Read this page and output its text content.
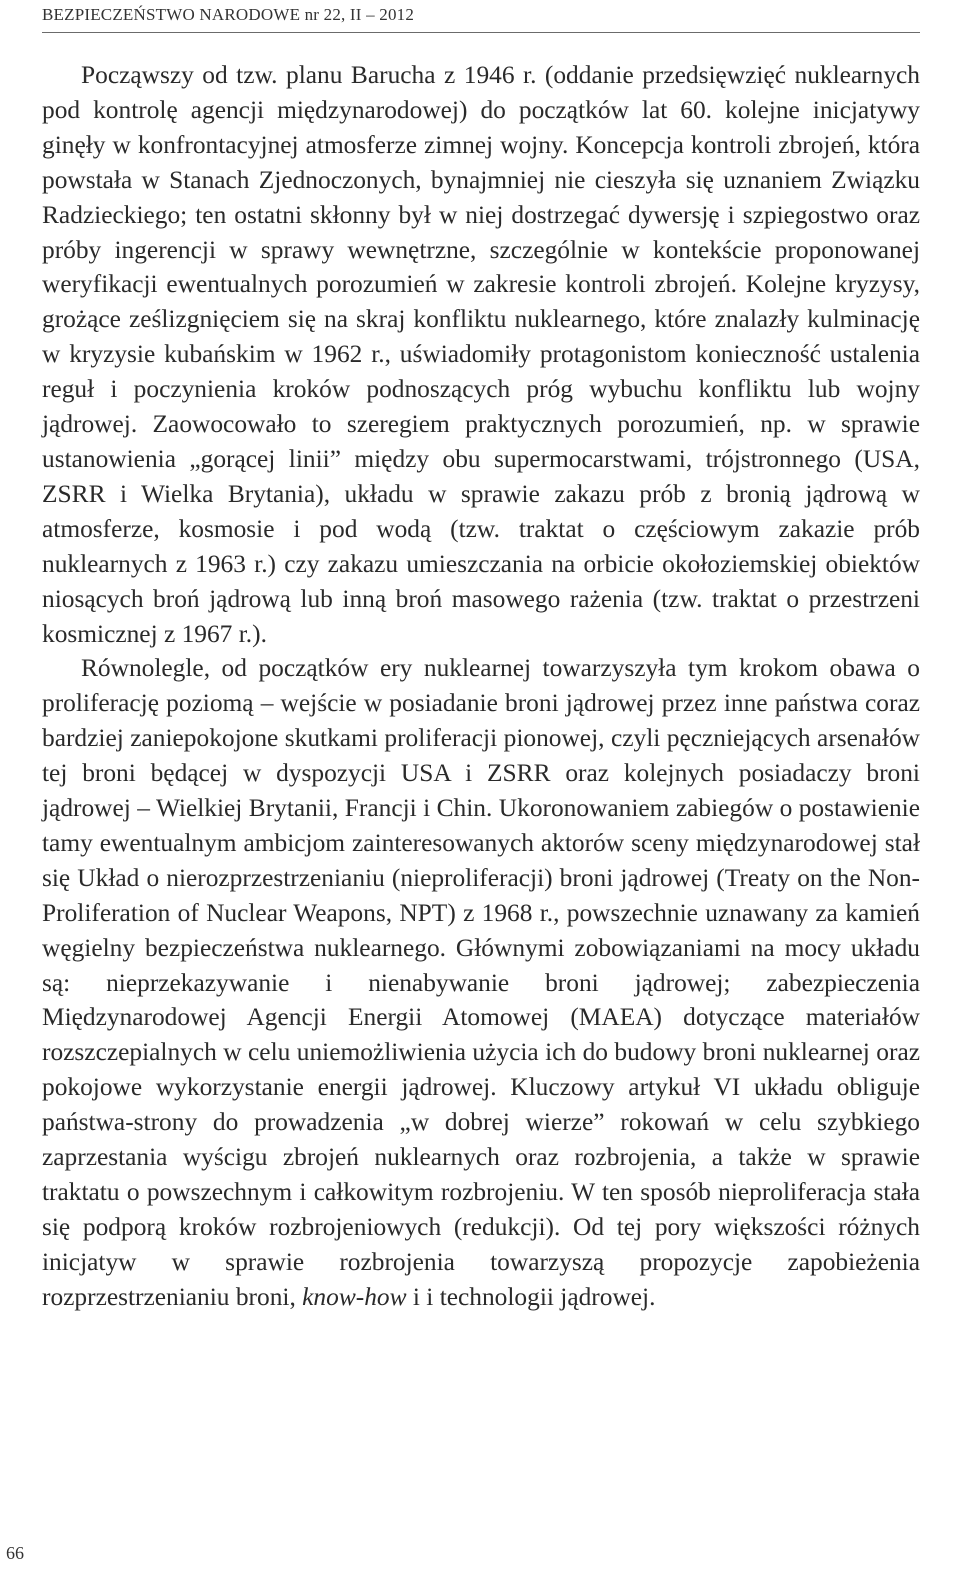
BEZPIECZEŃSTWO NARODOWE nr 22, II – 2012

Począwszy od tzw. planu Barucha z 1946 r. (oddanie przedsięwzięć nuklearnych pod kontrolę agencji międzynarodowej) do początków lat 60. kolejne inicjatywy ginęły w konfrontacyjnej atmosferze zimnej wojny. Koncepcja kontroli zbrojeń, która powstała w Stanach Zjednoczonych, bynajmniej nie cieszyła się uznaniem Związku Radzieckiego; ten ostatni skłonny był w niej dostrzegać dywersję i szpiegostwo oraz próby ingerencji w sprawy wewnętrzne, szczególnie w kontekście proponowanej weryfikacji ewentualnych porozumień w zakresie kontroli zbrojeń. Kolejne kryzysy, grożące ześlizgnięciem się na skraj konfliktu nuklearnego, które znalazły kulminację w kryzysie kubańskim w 1962 r., uświadomiły protagonistom konieczność ustalenia reguł i poczynienia kroków podnoszących próg wybuchu konfliktu lub wojny jądrowej. Zaowocowało to szeregiem praktycznych porozumień, np. w sprawie ustanowienia „gorącej linii” między obu supermocarstwami, trójstronnego (USA, ZSRR i Wielka Brytania), układu w sprawie zakazu prób z bronią jądrową w atmosferze, kosmosie i pod wodą (tzw. traktat o częściowym zakazie prób nuklearnych z 1963 r.) czy zakazu umieszczania na orbicie okołoziemskiej obiektów niosących broń jądrową lub inną broń masowego rażenia (tzw. traktat o przestrzeni kosmicznej z 1967 r.).

Równolegle, od początków ery nuklearnej towarzyszyła tym krokom obawa o proliferację poziomą – wejście w posiadanie broni jądrowej przez inne państwa coraz bardziej zaniepokojone skutkami proliferacji pionowej, czyli pęczniejących arsenałów tej broni będącej w dyspozycji USA i ZSRR oraz kolejnych posiadaczy broni jądrowej – Wielkiej Brytanii, Francji i Chin. Ukoronowaniem zabiegów o postawienie tamy ewentualnym ambicjom zainteresowanych aktorów sceny międzynarodowej stał się Układ o nierozprzestrzenianiu (nieproliferacji) broni jądrowej (Treaty on the Non-Proliferation of Nuclear Weapons, NPT) z 1968 r., powszechnie uznawany za kamień węgielny bezpieczeństwa nuklearnego. Głównymi zobowiązaniami na mocy układu są: nieprzekazywanie i nienabywanie broni jądrowej; zabezpieczenia Międzynarodowej Agencji Energii Atomowej (MAEA) dotyczące materiałów rozszczepialnych w celu uniemożliwienia użycia ich do budowy broni nuklearnej oraz pokojowe wykorzystanie energii jądrowej. Kluczowy artykuł VI układu obliguje państwa-strony do prowadzenia „w dobrej wierze” rokowań w celu szybkiego zaprzestania wyścigu zbrojeń nuklearnych oraz rozbrojenia, a także w sprawie traktatu o powszechnym i całkowitym rozbrojeniu. W ten sposób nieproliferacja stała się podporą kroków rozbrojeniowych (redukcji). Od tej pory większości różnych inicjatyw w sprawie rozbrojenia towarzyszą propozycje zapobieżenia rozprzestrzenianiu broni, know-how i i technologii jądrowej.

66
